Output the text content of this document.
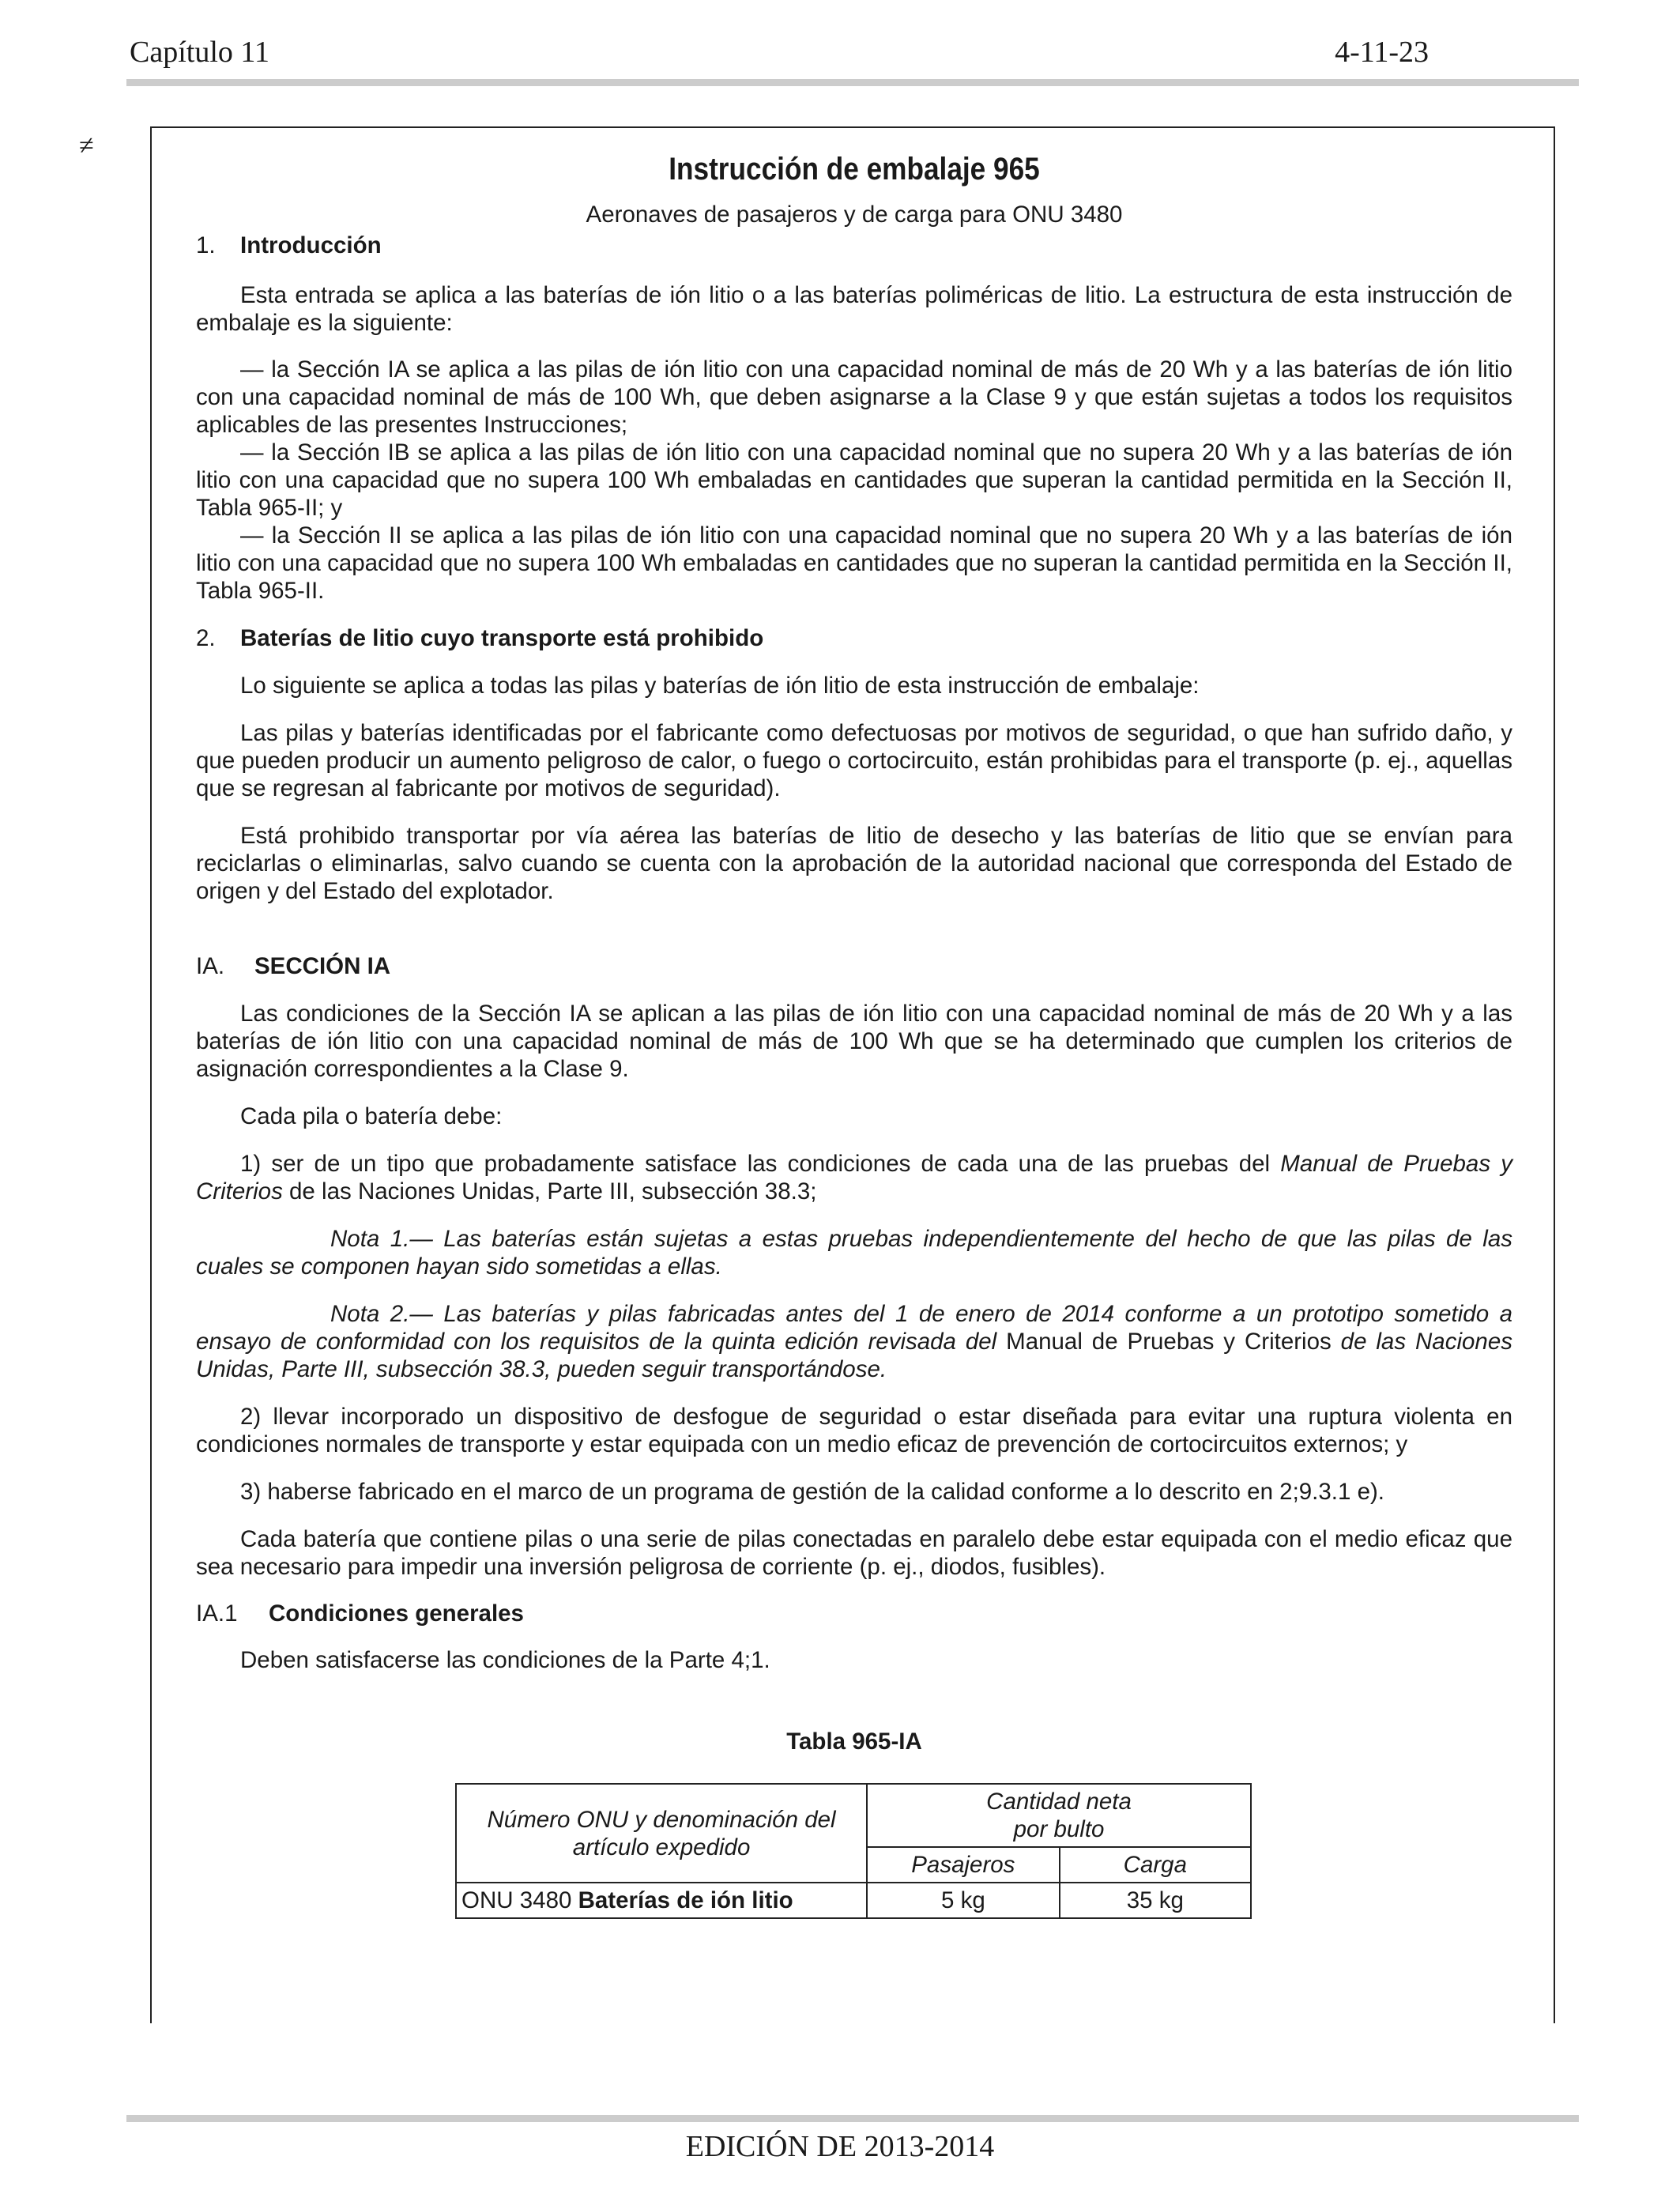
Capítulo 11	4-11-23
≠

Instrucción de embalaje 965

Aeronaves de pasajeros y de carga para ONU 3480

1. Introducción

Esta entrada se aplica a las baterías de ión litio o a las baterías poliméricas de litio. La estructura de esta instrucción de embalaje es la siguiente:

— la Sección IA se aplica a las pilas de ión litio con una capacidad nominal de más de 20 Wh y a las baterías de ión litio con una capacidad nominal de más de 100 Wh, que deben asignarse a la Clase 9 y que están sujetas a todos los requisitos aplicables de las presentes Instrucciones;

— la Sección IB se aplica a las pilas de ión litio con una capacidad nominal que no supera 20 Wh y a las baterías de ión litio con una capacidad que no supera 100 Wh embaladas en cantidades que superan la cantidad permitida en la Sección II, Tabla 965-II; y

— la Sección II se aplica a las pilas de ión litio con una capacidad nominal que no supera 20 Wh y a las baterías de ión litio con una capacidad que no supera 100 Wh embaladas en cantidades que no superan la cantidad permitida en la Sección II, Tabla 965-II.

2. Baterías de litio cuyo transporte está prohibido

Lo siguiente se aplica a todas las pilas y baterías de ión litio de esta instrucción de embalaje:

Las pilas y baterías identificadas por el fabricante como defectuosas por motivos de seguridad, o que han sufrido daño, y que pueden producir un aumento peligroso de calor, o fuego o cortocircuito, están prohibidas para el transporte (p. ej., aquellas que se regresan al fabricante por motivos de seguridad).

Está prohibido transportar por vía aérea las baterías de litio de desecho y las baterías de litio que se envían para reciclarlas o eliminarlas, salvo cuando se cuenta con la aprobación de la autoridad nacional que corresponda del Estado de origen y del Estado del explotador.

IA. SECCIÓN IA

Las condiciones de la Sección IA se aplican a las pilas de ión litio con una capacidad nominal de más de 20 Wh y a las baterías de ión litio con una capacidad nominal de más de 100 Wh que se ha determinado que cumplen los criterios de asignación correspondientes a la Clase 9.

Cada pila o batería debe:

1) ser de un tipo que probadamente satisface las condiciones de cada una de las pruebas del Manual de Pruebas y Criterios de las Naciones Unidas, Parte III, subsección 38.3;

Nota 1.— Las baterías están sujetas a estas pruebas independientemente del hecho de que las pilas de las cuales se componen hayan sido sometidas a ellas.

Nota 2.— Las baterías y pilas fabricadas antes del 1 de enero de 2014 conforme a un prototipo sometido a ensayo de conformidad con los requisitos de la quinta edición revisada del Manual de Pruebas y Criterios de las Naciones Unidas, Parte III, subsección 38.3, pueden seguir transportándose.

2) llevar incorporado un dispositivo de desfogue de seguridad o estar diseñada para evitar una ruptura violenta en condiciones normales de transporte y estar equipada con un medio eficaz de prevención de cortocircuitos externos; y

3) haberse fabricado en el marco de un programa de gestión de la calidad conforme a lo descrito en 2;9.3.1 e).

Cada batería que contiene pilas o una serie de pilas conectadas en paralelo debe estar equipada con el medio eficaz que sea necesario para impedir una inversión peligrosa de corriente (p. ej., diodos, fusibles).

IA.1 Condiciones generales

Deben satisfacerse las condiciones de la Parte 4;1.

Tabla 965-IA

Número ONU y denominación del artículo expedido	Cantidad neta
por bulto	
	Pasajeros	Carga
ONU 3480 Baterías de ión litio	5 kg	35 kg
EDICIÓN DE 2013-2014
